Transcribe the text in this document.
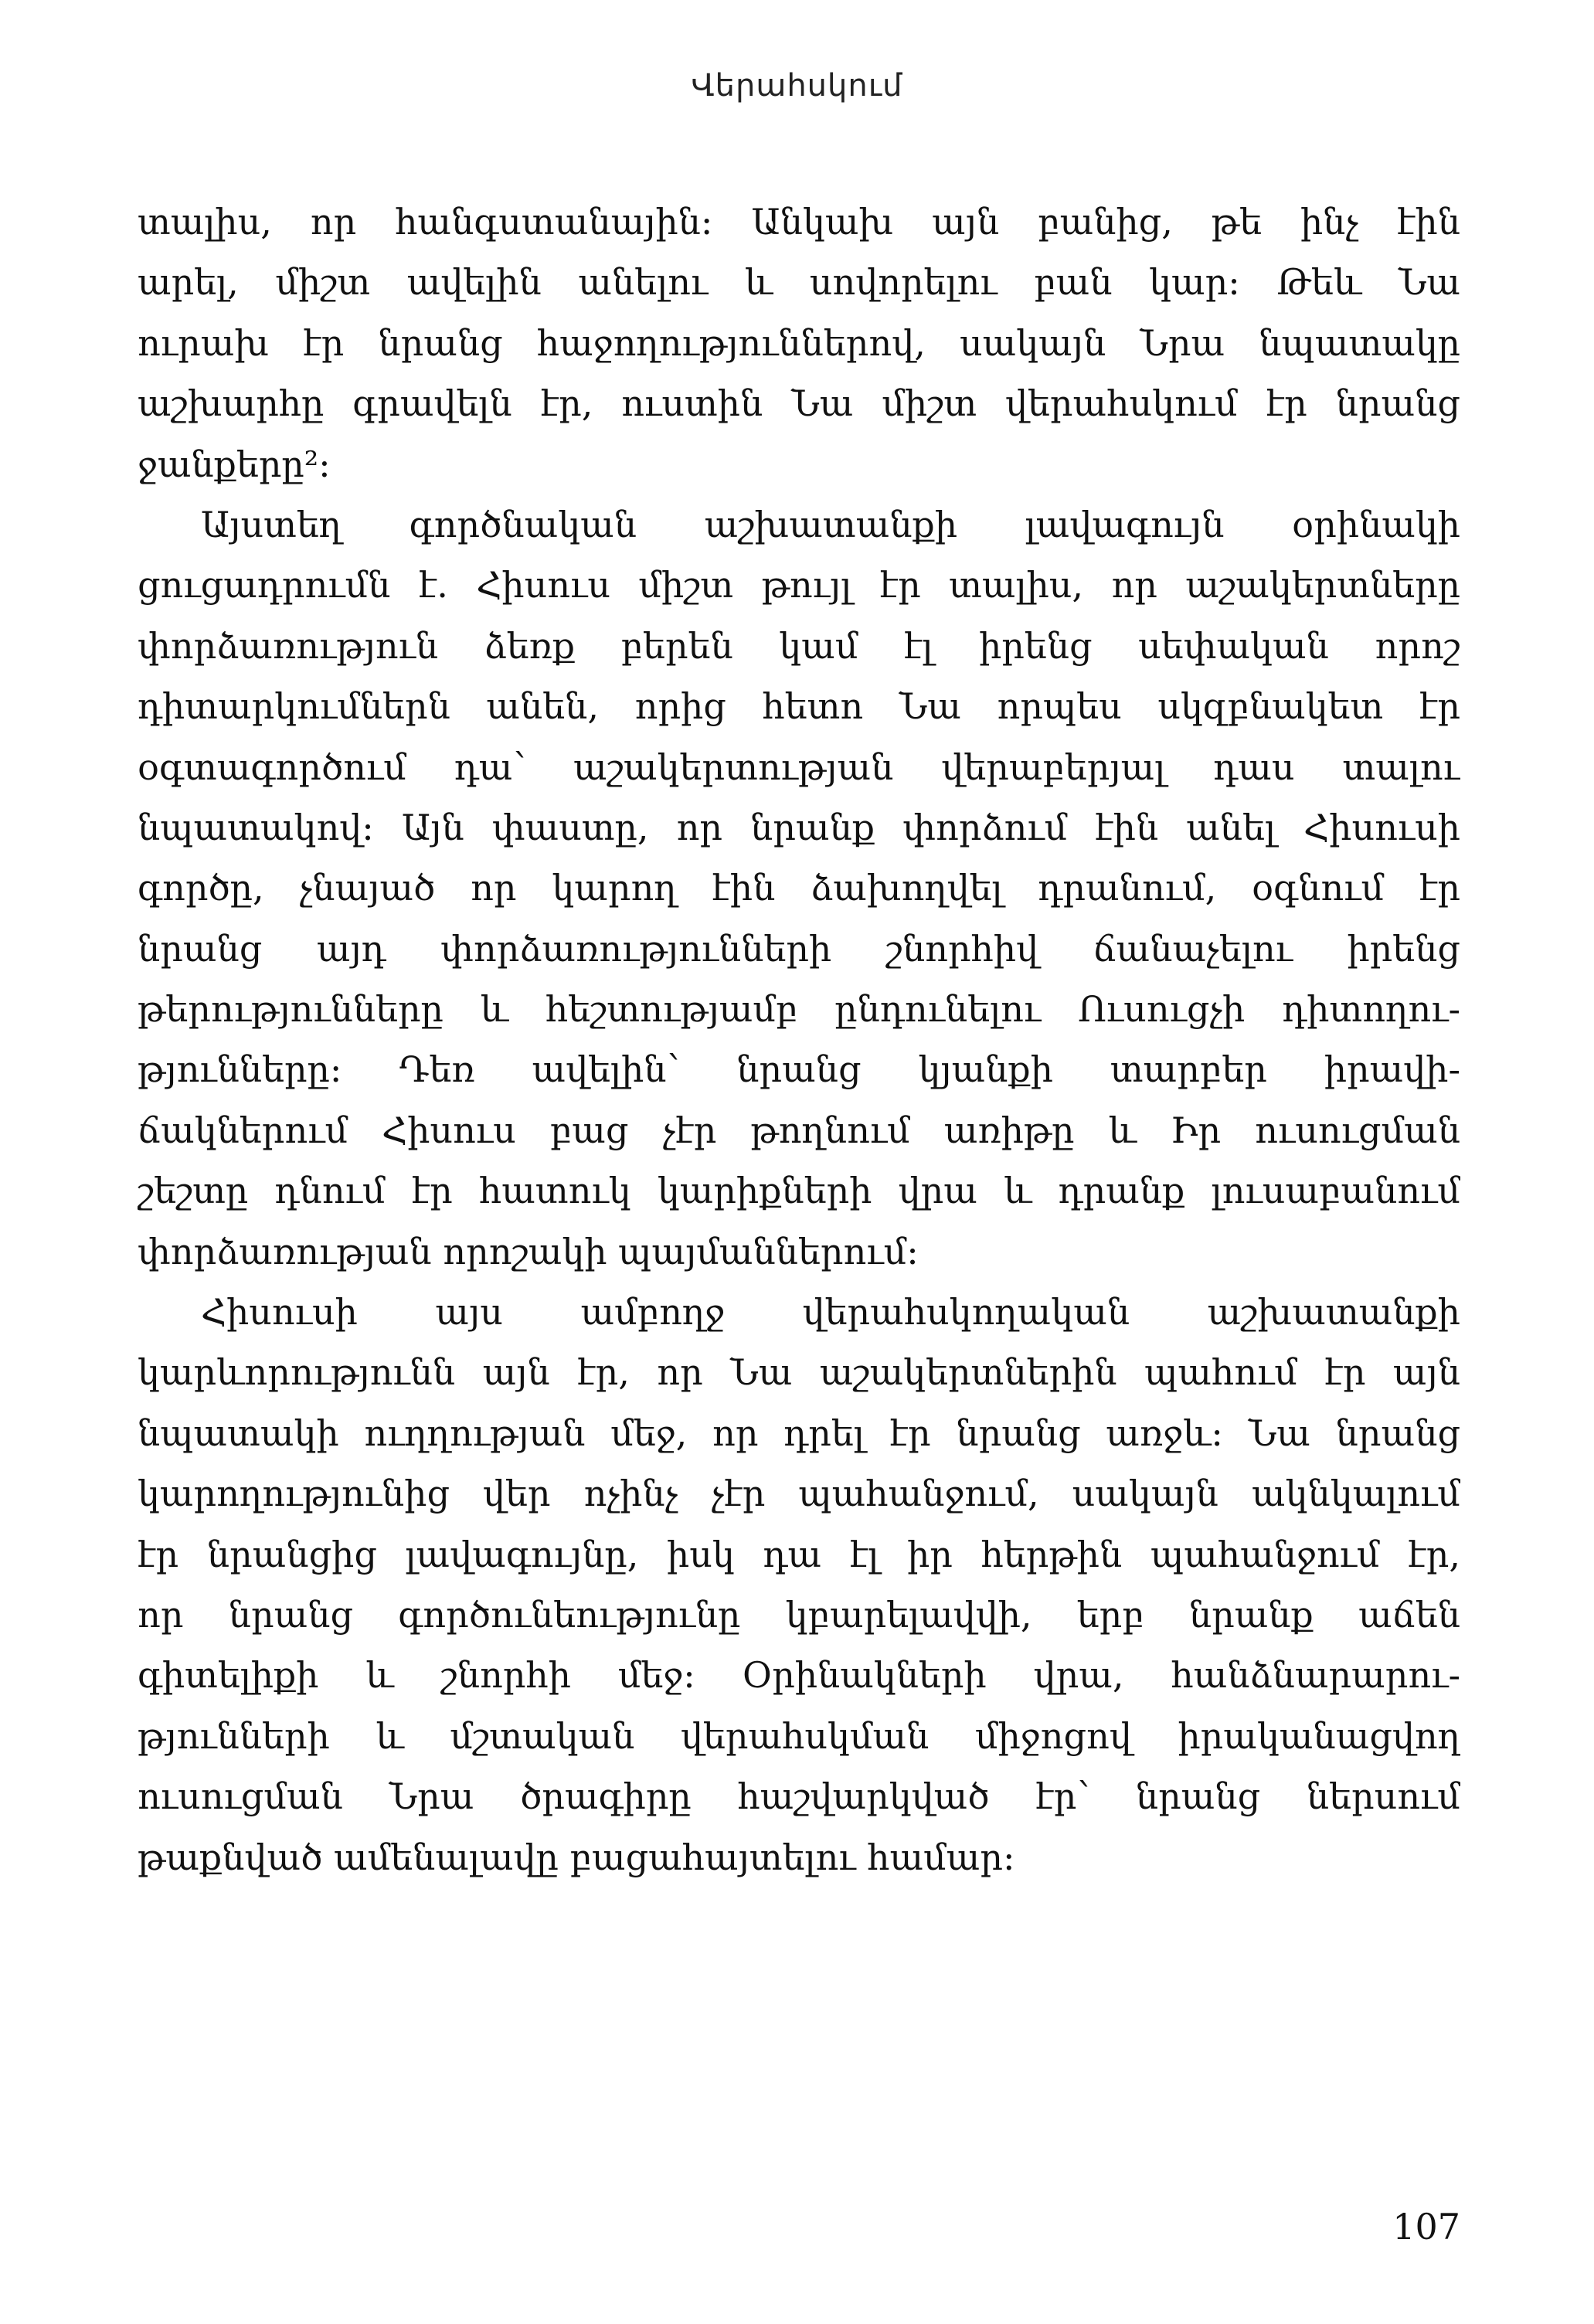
Վերահսկում
տալիս, որ հանգստանային։ Անկախ այն բանից, թե ինչ էին
արել, միշտ ավելին անելու և սովորելու բան կար։ Թեև Նա
ուրախ էր նրանց հաջողություններով, սակայն Նրա նպատակը
աշխարհը գրավելն էր, ուստին Նա միշտ վերահսկում էր նրանց
ջանքերը²։
Այստեղ գործնական աշխատանքի լավագույն օրինակի
ցուցադրումն է. Հիսուս միշտ թույլ էր տալիս, որ աշակերտները
փորձառություն ձեռք բերեն կամ էլ իրենց սեփական որոշ
դիտարկումներն անեն, որից հետո Նա որպես սկզբնակետ էր
օգտագործում դա՝ աշակերտության վերաբերյալ դաս տալու
նպատակով։ Այն փաստը, որ նրանք փորձում էին անել Հիսուսի
գործը, չնայած որ կարող էին ձախողվել դրանում, օգնում էր
նրանց այդ փորձառությունների շնորհիվ ճանաչելու իրենց
թերությունները և հեշտությամբ ընդունելու Ուսուցչի դիտողու-
թյունները։ Դեռ ավելին՝ նրանց կյանքի տարբեր իրավի-
ճակներում Հիսուս բաց չէր թողնում առիթը և Իր ուսուցման
շեշտը դնում էր հատուկ կարիքների վրա և դրանք լուսաբանում
փորձառության որոշակի պայմաններում։
Հիսուսի այս ամբողջ վերահսկողական աշխատանքի
կարևորությունն այն էր, որ Նա աշակերտներին պահում էր այն
նպատակի ուղղության մեջ, որ դրել էր նրանց առջև։ Նա նրանց
կարողությունից վեր ոչինչ չէր պահանջում, սակայն ակնկալում
էր նրանցից լավագույնը, իսկ դա էլ իր հերթին պահանջում էր,
որ նրանց գործունեությունը կբարելավվի, երբ նրանք աճեն
գիտելիքի և շնորհի մեջ։ Օրինակների վրա, հանձնարարու-
թյունների և մշտական վերահսկման միջոցով իրականացվող
ուսուցման Նրա ծրագիրը հաշվարկված էր՝ նրանց ներսում
թաքնված ամենալավը բացահայտելու համար։
107
